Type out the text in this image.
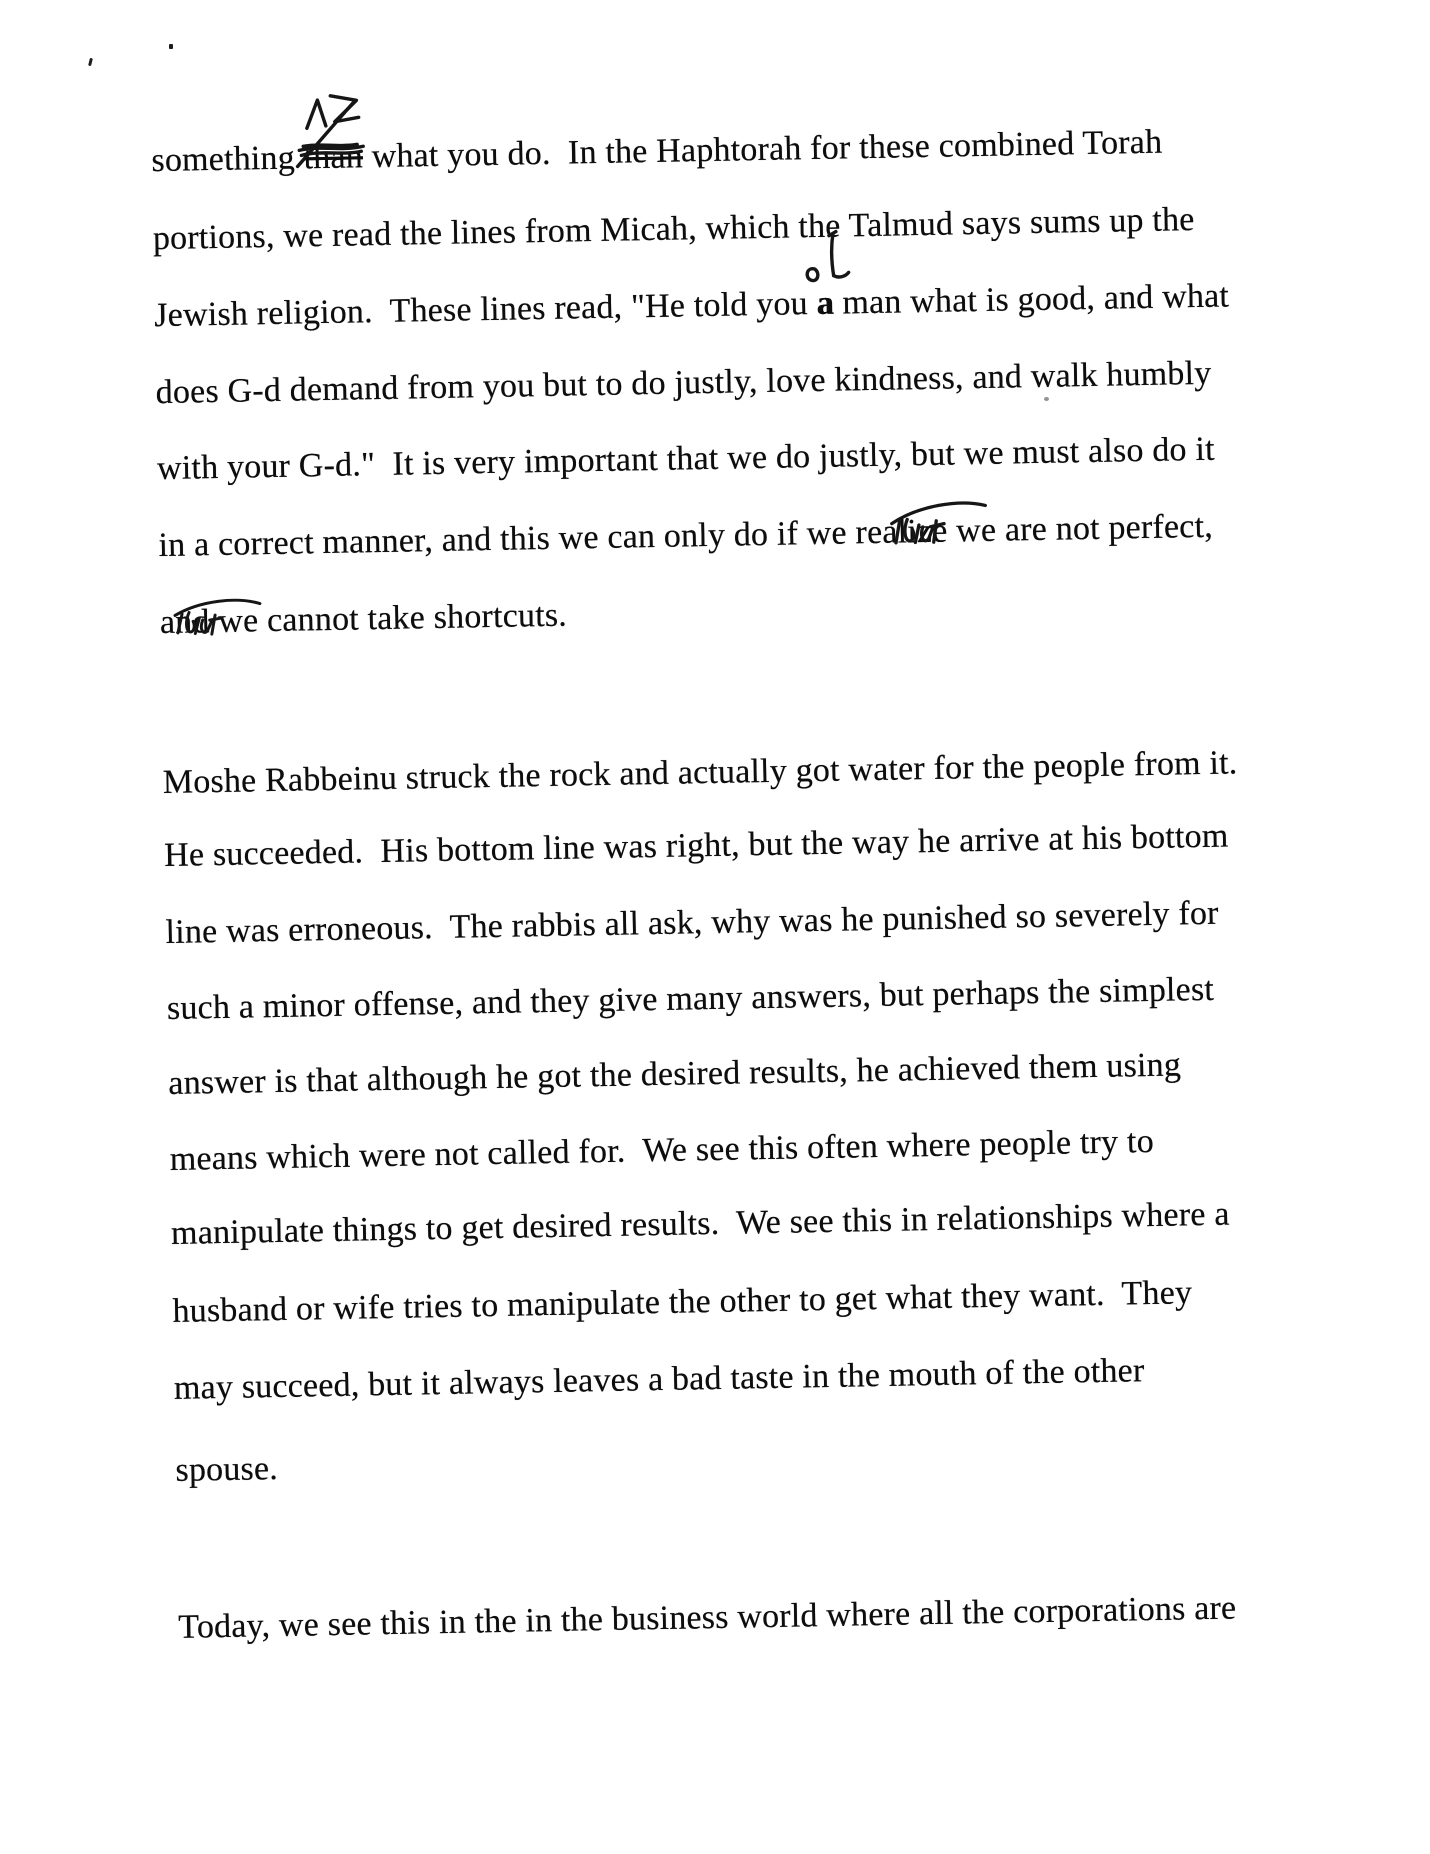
something
than what you do.  In the Haphtorah for these combined Torah
portions, we read the lines from Micah, which the Talmud says sums up the
Jewish religion.  These lines read, "He told you
a man what is good, and what
does G-d demand from you but to do justly, love kindness, and walk humbly
with your G-d."  It is very important that we do justly, but we must also do it
in a correct manner, and this we can only do if we realize
we are not perfect,
and we cannot take shortcuts.
Moshe Rabbeinu struck the rock and actually got water for the people from it.
He succeeded.  His bottom line was right, but the way he arrive at his bottom
line was erroneous.  The rabbis all ask, why was he punished so severely for
such a minor offense, and they give many answers, but perhaps the simplest
answer is that although he got the desired results, he achieved them using
means which were not called for.  We see this often where people try to
manipulate things to get desired results.  We see this in relationships where a
husband or wife tries to manipulate the other to get what they want.  They
may succeed, but it always leaves a bad taste in the mouth of the other
spouse.
Today, we see this in the in the business world where all the corporations are
